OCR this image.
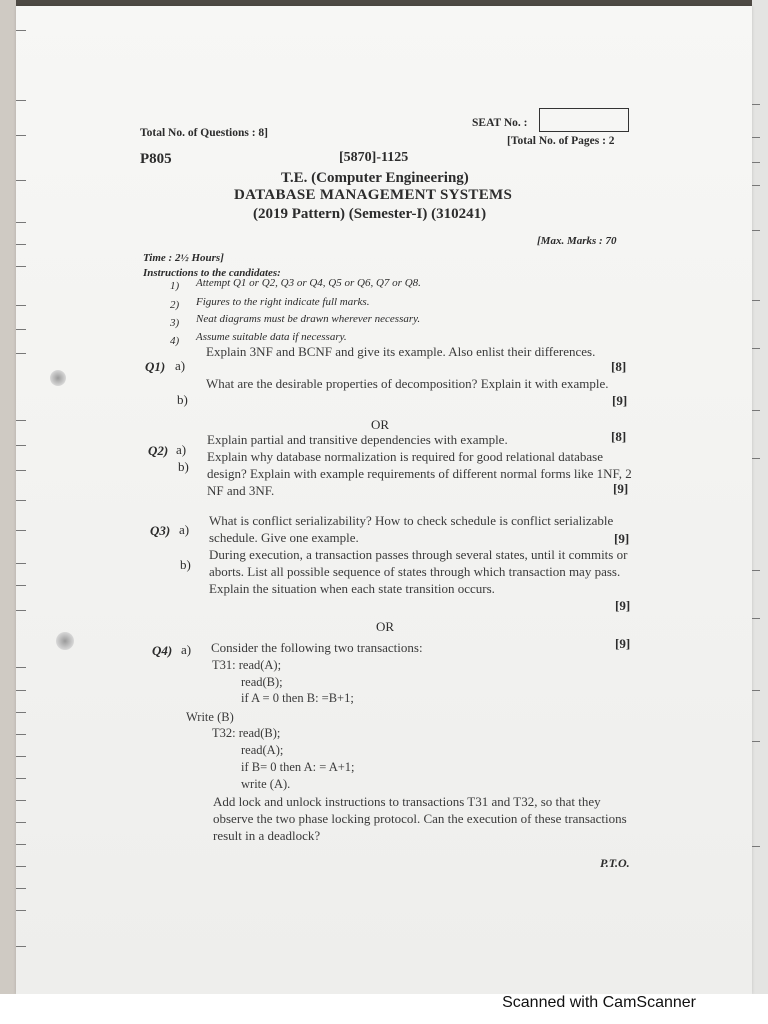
Total No. of Questions : 8]
SEAT No. :
P805	[5870]-1125
[Total No. of Pages : 2
T.E. (Computer Engineering)
DATABASE MANAGEMENT SYSTEMS
(2019 Pattern) (Semester-I) (310241)
Time : 2½ Hours]
[Max. Marks : 70
Instructions to the candidates:
1) Attempt Q1 or Q2, Q3 or Q4, Q5 or Q6, Q7 or Q8.
2) Figures to the right indicate full marks.
3) Neat diagrams must be drawn wherever necessary.
4) Assume suitable data if necessary.
Q1) a)
Explain 3NF and BCNF and give its example. Also enlist their differences.
[8]
b)
What are the desirable properties of decomposition? Explain it with example.
[9]
OR
Q2) a)
Explain partial and transitive dependencies with example.	[8]
b)
Explain why database normalization is required for good relational database design? Explain with example requirements of different normal forms like 1NF, 2 NF and 3NF.	[9]
Q3) a)
What is conflict serializability? How to check schedule is conflict serializable schedule. Give one example.	[9]
b)
During execution, a transaction passes through several states, until it commits or aborts. List all possible sequence of states through which transaction may pass. Explain the situation when each state transition occurs.
[9]
OR
Q4) a) Consider the following two transactions:	[9]
T31: read(A);
read(B);
if A = 0 then B: =B+1;
Write (B)
T32: read(B);
read(A);
if B= 0 then A: = A+1;
write (A).
Add lock and unlock instructions to transactions T31 and T32, so that they observe the two phase locking protocol. Can the execution of these transactions result in a deadlock?
P.T.O.
Scanned with CamScanner
